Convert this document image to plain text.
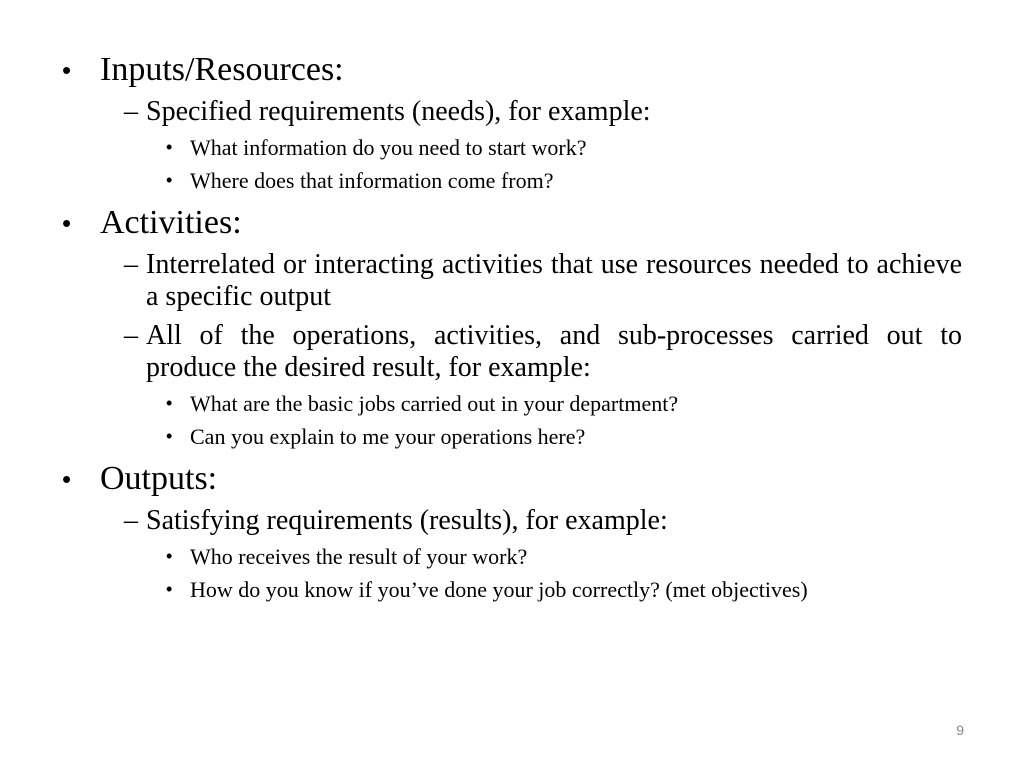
• Inputs/Resources:
– Specified requirements (needs), for example:
• What information do you need to start work?
• Where does that information come from?
• Activities:
– Interrelated or interacting activities that use resources needed to achieve a specific output
– All of the operations, activities, and sub-processes carried out to produce the desired result, for example:
• What are the basic jobs carried out in your department?
• Can you explain to me your operations here?
• Outputs:
– Satisfying requirements (results), for example:
• Who receives the result of your work?
• How do you know if you’ve done your job correctly? (met objectives)
9
